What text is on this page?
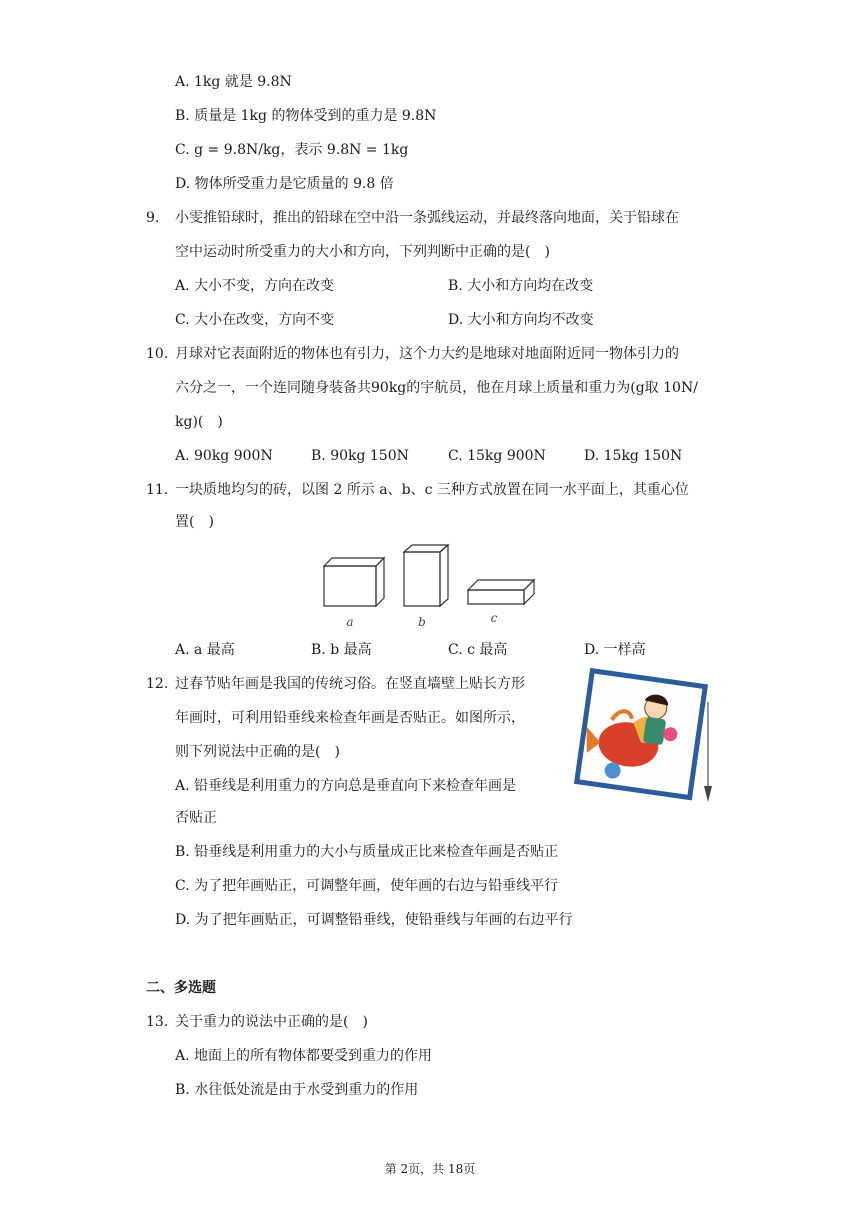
A. 1kg 就是 9.8N
B. 质量是 1kg 的物体受到的重力是 9.8N
C. g = 9.8N/kg，表示 9.8N = 1kg
D. 物体所受重力是它质量的 9.8 倍
9. 小雯推铅球时，推出的铅球在空中沿一条弧线运动，并最终落向地面，关于铅球在
空中运动时所受重力的大小和方向，下列判断中正确的是(　)
A. 大小不变，方向在改变	B. 大小和方向均在改变
C. 大小在改变，方向不变	D. 大小和方向均不改变
10. 月球对它表面附近的物体也有引力，这个力大约是地球对地面附近同一物体引力的
六分之一，一个连同随身装备共90kg的宇航员，他在月球上质量和重力为(g取 10N/
kg)(　)
A. 90kg 900N	B. 90kg 150N	C. 15kg 900N	D. 15kg 150N
11. 一块质地均匀的砖，以图 2 所示 a、b、c 三种方式放置在同一水平面上，其重心位
置(　)
a	b	c
A. a 最高	B. b 最高	C. c 最高	D. 一样高
12. 过春节贴年画是我国的传统习俗。在竖直墙壁上贴长方形
年画时，可利用铅垂线来检查年画是否贴正。如图所示，
则下列说法中正确的是(　)
A. 铅垂线是利用重力的方向总是垂直向下来检查年画是
否贴正
B. 铅垂线是利用重力的大小与质量成正比来检查年画是否贴正
C. 为了把年画贴正，可调整年画，使年画的右边与铅垂线平行
D. 为了把年画贴正，可调整铅垂线，使铅垂线与年画的右边平行
二、多选题
13. 关于重力的说法中正确的是(　)
A. 地面上的所有物体都要受到重力的作用
B. 水往低处流是由于水受到重力的作用
第 2页，共 18页
